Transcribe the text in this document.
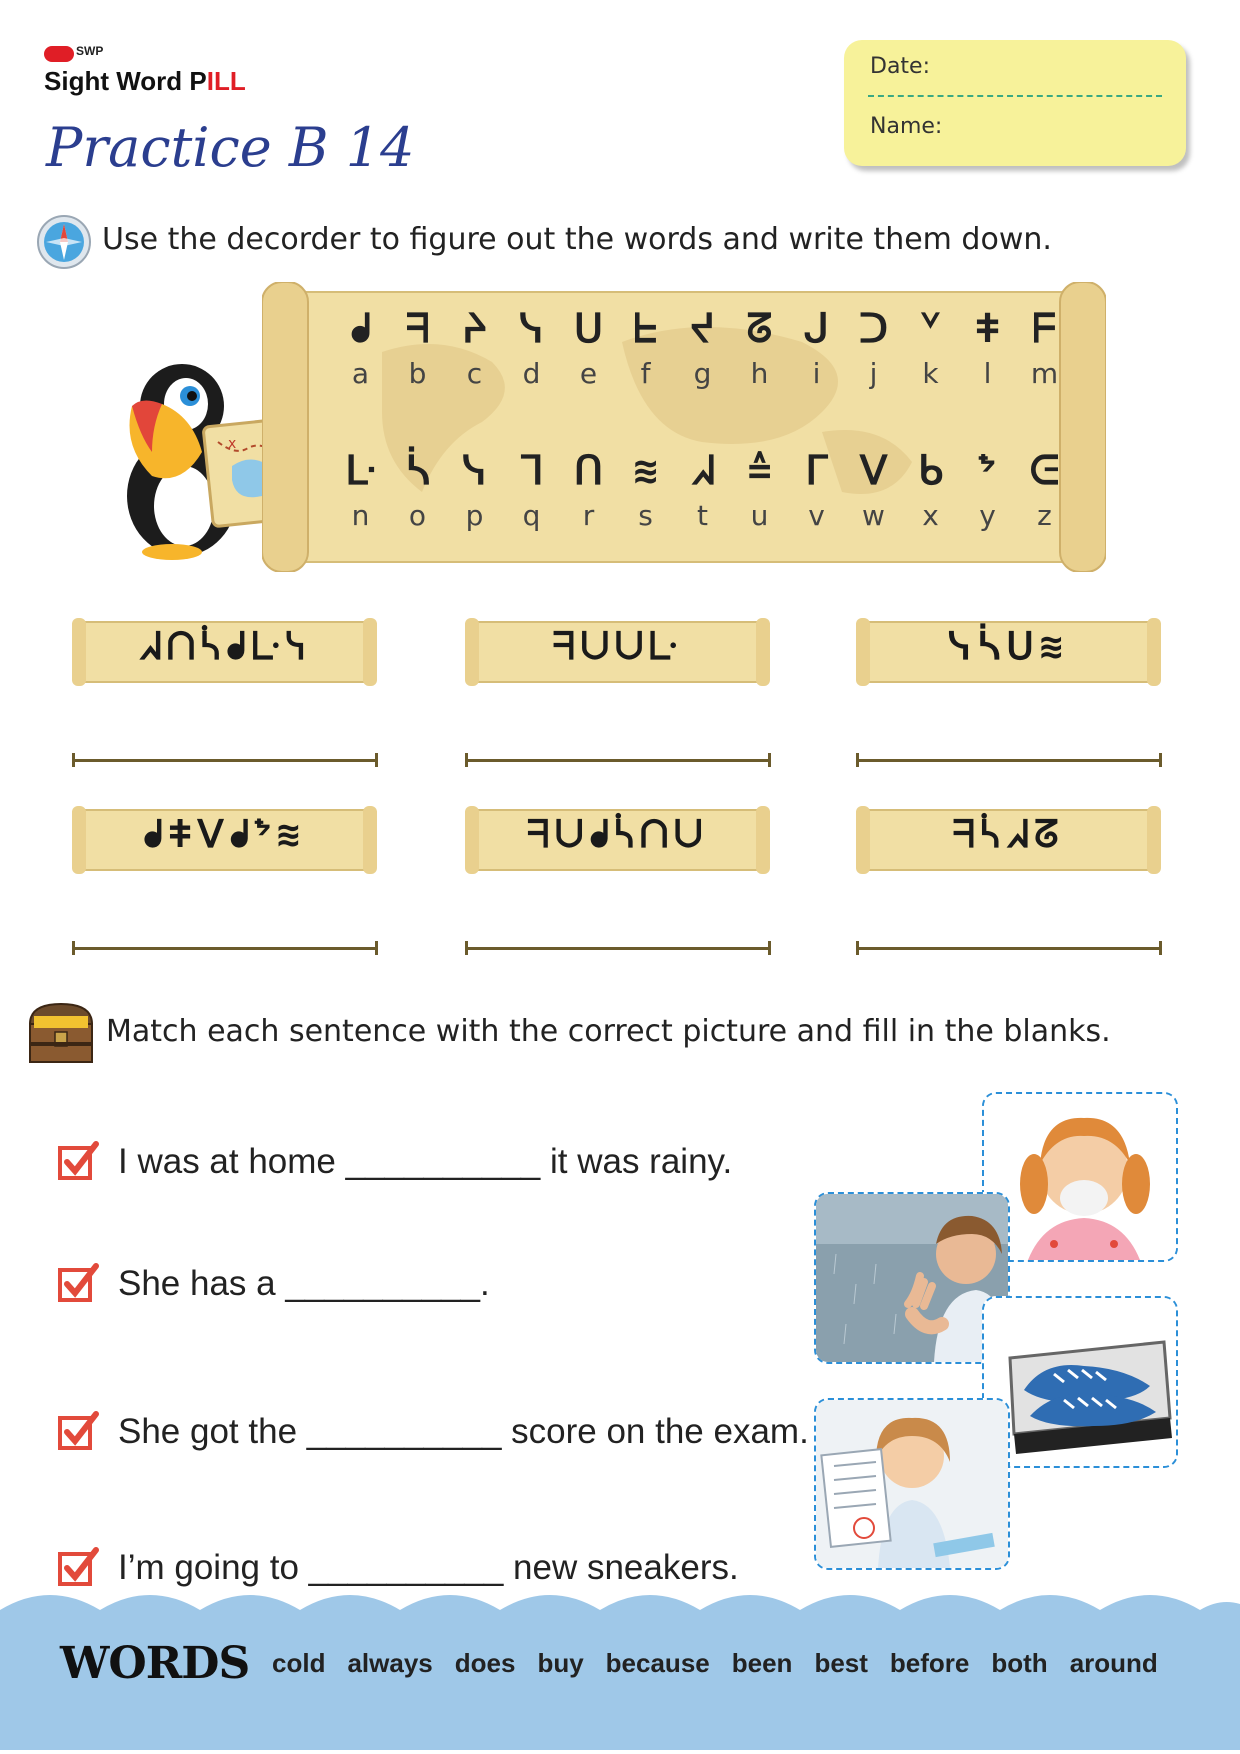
SWP
Sight Word PILL
Practice B 14
Date:
Name:
Use the decorder to figure out the words and write them down.
x
ᖱ
a
ᖷ
b
ᔨ
c
ᓭ
d
ᑌ
e
ᖶ
f
ᔪ
g
ᘔ
h
ᒍ
i
ᑐ
j
ᘁ
k
ǂ
l
ᖴ
m
ᒷ
n
ᓵ
o
ᓭ
p
ᒣ
q
ᑎ
r
≋
s
ᖽ
t
≙
u
ᒥ
v
ᐯ
w
ᑲ
x
ᖮ
y
ᕮ
z
ᖽᑎᓵᖱᒷᓭ	ᖷᑌᑌᒷ	ᓭᓵᑌ≋
ᖱǂᐯᖱᖮ≋	ᖷᑌᖱᓵᑎᑌ	ᖷᓵᖽᘔ
Match each sentence with the correct picture and fill in the blanks.
I was at home __________ it was rainy.
She has a __________.
She got the __________ score on the exam.
I’m going to __________ new sneakers.
WORDS cold always does buy because been best before both around
